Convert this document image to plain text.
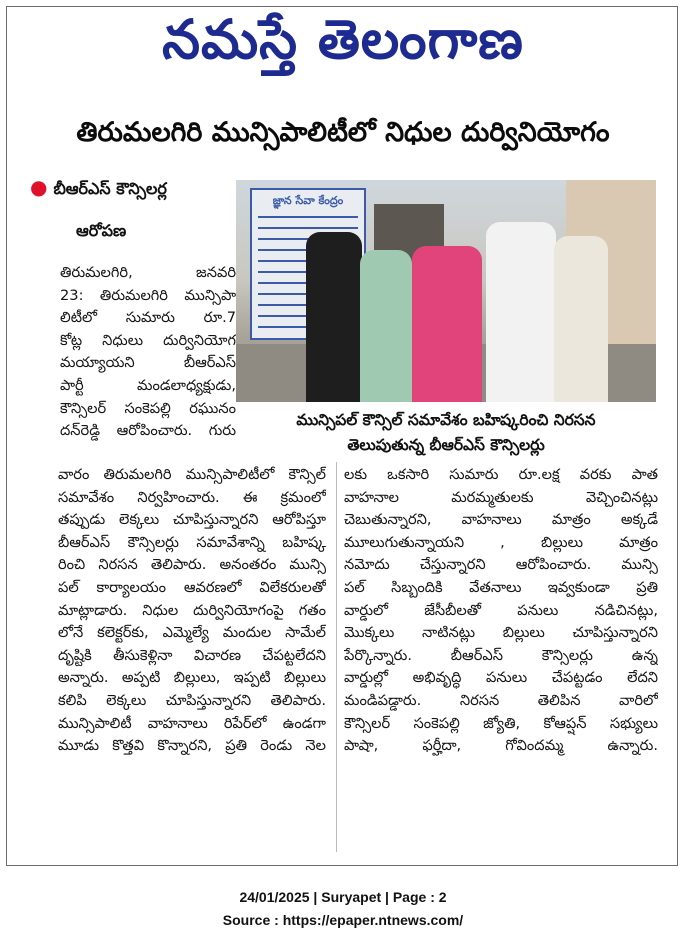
నమస్తే తెలంగాణ
తిరుమలగిరి మున్సిపాలిటీలో నిధుల దుర్వినియోగం
● బీఆర్‌ఎస్ కౌన్సిలర్ల
ఆరోపణ
జ్ఞాన సేవా కేంద్రం
మున్సిపల్ కౌన్సిల్ సమావేశం బహిష్కరించి నిరసన
తెలుపుతున్న బీఆర్‌ఎస్ కౌన్సిలర్లు
తిరుమలగిరి, జనవరి
23: తిరుమలగిరి మున్సిపా
లిటీలో సుమారు రూ.7
కోట్ల నిధులు దుర్వినియోగ
మయ్యాయని బీఆర్‌ఎస్
పార్టీ మండలాధ్యక్షుడు,
కౌన్సిలర్ సంకెపల్లి రఘునం
దన్‌రెడ్డి ఆరోపించారు. గురు
వారం తిరుమలగిరి మున్సిపాలిటీలో కౌన్సిల్
సమావేశం నిర్వహించారు. ఈ క్రమంలో
తప్పుడు లెక్కలు చూపిస్తున్నారని ఆరోపిస్తూ
బీఆర్‌ఎస్ కౌన్సిలర్లు సమావేశాన్ని బహిష్క
రించి నిరసన తెలిపారు. అనంతరం మున్సి
పల్ కార్యాలయం ఆవరణలో విలేకరులతో
మాట్లాడారు. నిధుల దుర్వినియోగంపై గతం
లోనే కలెక్టర్‌కు, ఎమ్మెల్యే మందుల సామేల్
దృష్టికి తీసుకెళ్లినా విచారణ చేపట్టలేదని
అన్నారు. అప్పటి బిల్లులు, ఇప్పటి బిల్లులు
కలిపి లెక్కలు చూపిస్తున్నారని తెలిపారు.
మున్సిపాలిటీ వాహనాలు రిపేర్‌లో ఉండగా
మూడు కొత్తవి కొన్నారని, ప్రతి రెండు నెల
లకు ఒకసారి సుమారు రూ.లక్ష వరకు పాత
వాహనాల మరమ్మతులకు వెచ్చించినట్లు
చెబుతున్నారని, వాహనాలు మాత్రం అక్కడే
మూలుగుతున్నాయని , బిల్లులు మాత్రం
నమోదు చేస్తున్నారని ఆరోపించారు. మున్సి
పల్ సిబ్బందికి వేతనాలు ఇవ్వకుండా ప్రతి
వార్డులో జేసీబీలతో పనులు నడిచినట్లు,
మొక్కలు నాటినట్లు బిల్లులు చూపిస్తున్నారని
పేర్కొన్నారు. బీఆర్‌ఎస్ కౌన్సిలర్లు ఉన్న
వార్డుల్లో అభివృద్ధి పనులు చేపట్టడం లేదని
మండిపడ్డారు. నిరసన తెలిపిన వారిలో
కౌన్సిలర్ సంకెపల్లి జ్యోతి, కోఆప్షన్ సభ్యులు
పాషా, ఫర్హీదా, గోవిందమ్మ ఉన్నారు.
24/01/2025 | Suryapet | Page : 2
Source : https://epaper.ntnews.com/
